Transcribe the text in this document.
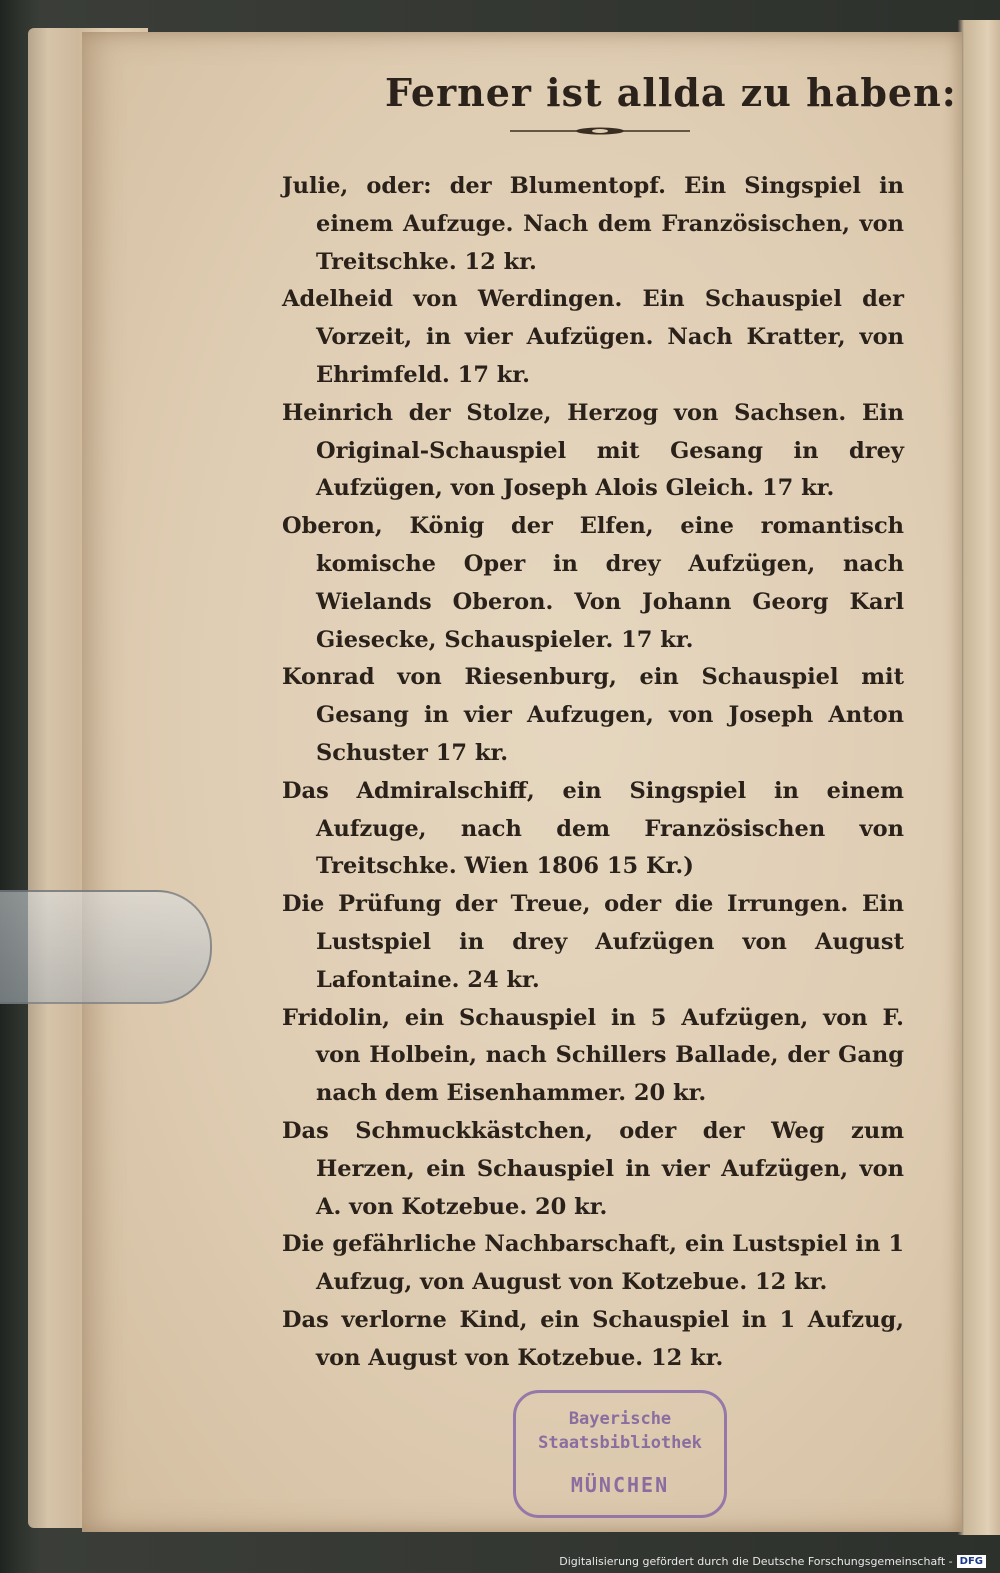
Ferner ist allda zu haben:

Julie, oder: der Blumentopf. Ein Singspiel in einem Aufzuge. Nach dem Französischen, von Treitschke. 12 kr.

Adelheid von Werdingen. Ein Schauspiel der Vorzeit, in vier Aufzügen. Nach Kratter, von Ehrimfeld. 17 kr.

Heinrich der Stolze, Herzog von Sachsen. Ein Original-Schauspiel mit Gesang in drey Aufzügen, von Joseph Alois Gleich. 17 kr.

Oberon, König der Elfen, eine romantisch komische Oper in drey Aufzügen, nach Wielands Oberon. Von Johann Georg Karl Giesecke, Schauspieler. 17 kr.

Konrad von Riesenburg, ein Schauspiel mit Gesang in vier Aufzugen, von Joseph Anton Schuster 17 kr.

Das Admiralschiff, ein Singspiel in einem Aufzuge, nach dem Französischen von Treitschke. Wien 1806 15 Kr.)

Die Prüfung der Treue, oder die Irrungen. Ein Lustspiel in drey Aufzügen von August Lafontaine. 24 kr.

Fridolin, ein Schauspiel in 5 Aufzügen, von F. von Holbein, nach Schillers Ballade, der Gang nach dem Eisenhammer. 20 kr.

Das Schmuckkästchen, oder der Weg zum Herzen, ein Schauspiel in vier Aufzügen, von A. von Kotzebue. 20 kr.

Die gefährliche Nachbarschaft, ein Lustspiel in 1 Aufzug, von August von Kotzebue. 12 kr.

Das verlorne Kind, ein Schauspiel in 1 Aufzug, von August von Kotzebue. 12 kr.

Bayerische
Staatsbibliothek
MÜNCHEN
Digitalisierung gefördert durch die Deutsche Forschungsgemeinschaft - DFG
